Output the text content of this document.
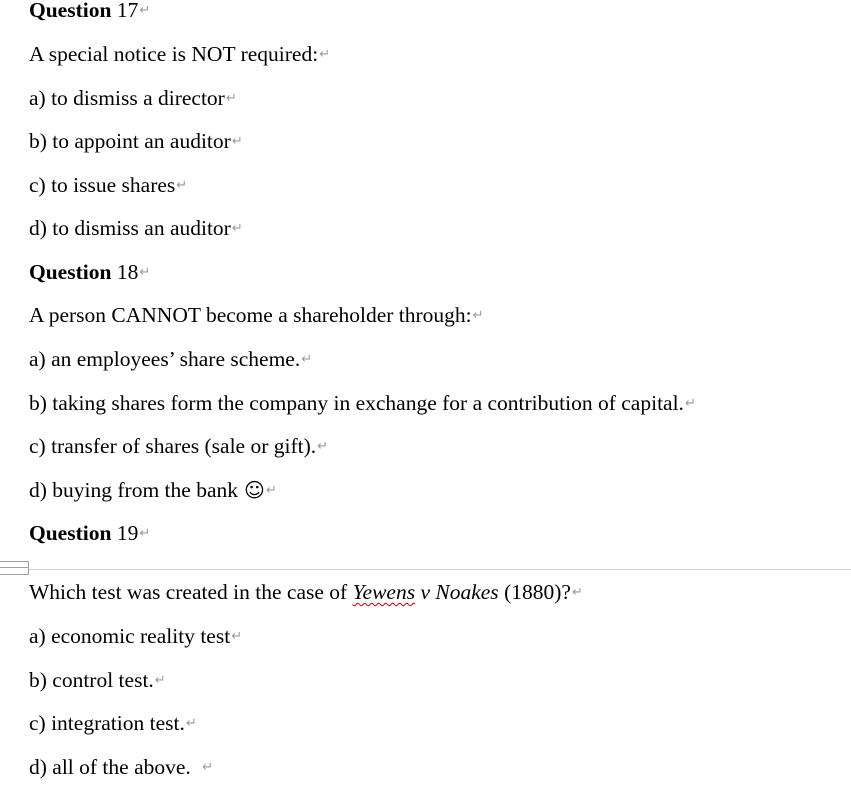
Question 17↵
A special notice is NOT required:↵
a) to dismiss a director↵
b) to appoint an auditor↵
c) to issue shares↵
d) to dismiss an auditor↵
Question 18↵
A person CANNOT become a shareholder through:↵
a) an employees’ share scheme.↵
b) taking shares form the company in exchange for a contribution of capital.↵
c) transfer of shares (sale or gift).↵
d) buying from the bank ☺↵
Question 19↵
Which test was created in the case of Yewens v Noakes (1880)?↵
a) economic reality test↵
b) control test.↵
c) integration test.↵
d) all of the above. ↵
